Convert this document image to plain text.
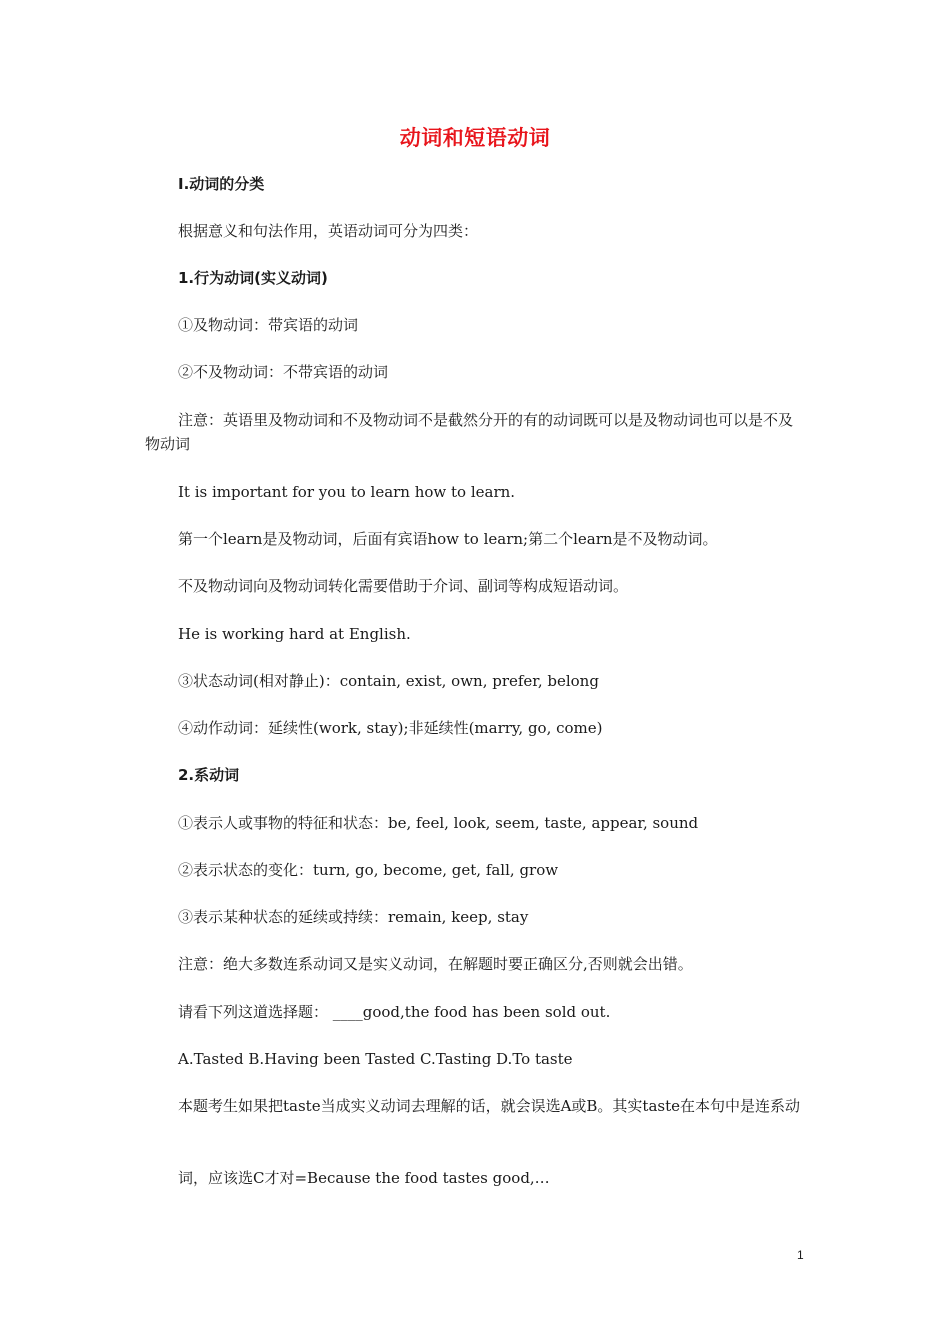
动词和短语动词
I.动词的分类
根据意义和句法作用，英语动词可分为四类：
1.行为动词(实义动词)
①及物动词：带宾语的动词
②不及物动词：不带宾语的动词
注意：英语里及物动词和不及物动词不是截然分开的有的动词既可以是及物动词也可以是不及物动词
It is important for you to learn how to learn.
第一个learn是及物动词，后面有宾语how to learn;第二个learn是不及物动词。
不及物动词向及物动词转化需要借助于介词、副词等构成短语动词。
He is working hard at English.
③状态动词(相对静止)：contain, exist, own, prefer, belong
④动作动词：延续性(work, stay);非延续性(marry, go, come)
2.系动词
①表示人或事物的特征和状态：be, feel, look, seem, taste, appear, sound
②表示状态的变化：turn, go, become, get, fall, grow
③表示某种状态的延续或持续：remain, keep, stay
注意：绝大多数连系动词又是实义动词，在解题时要正确区分,否则就会出错。
请看下列这道选择题： ____good,the food has been sold out.
A.Tasted B.Having been Tasted C.Tasting D.To taste
本题考生如果把taste当成实义动词去理解的话，就会误选A或B。其实taste在本句中是连系动
词，应该选C才对=Because the food tastes good,…
1
